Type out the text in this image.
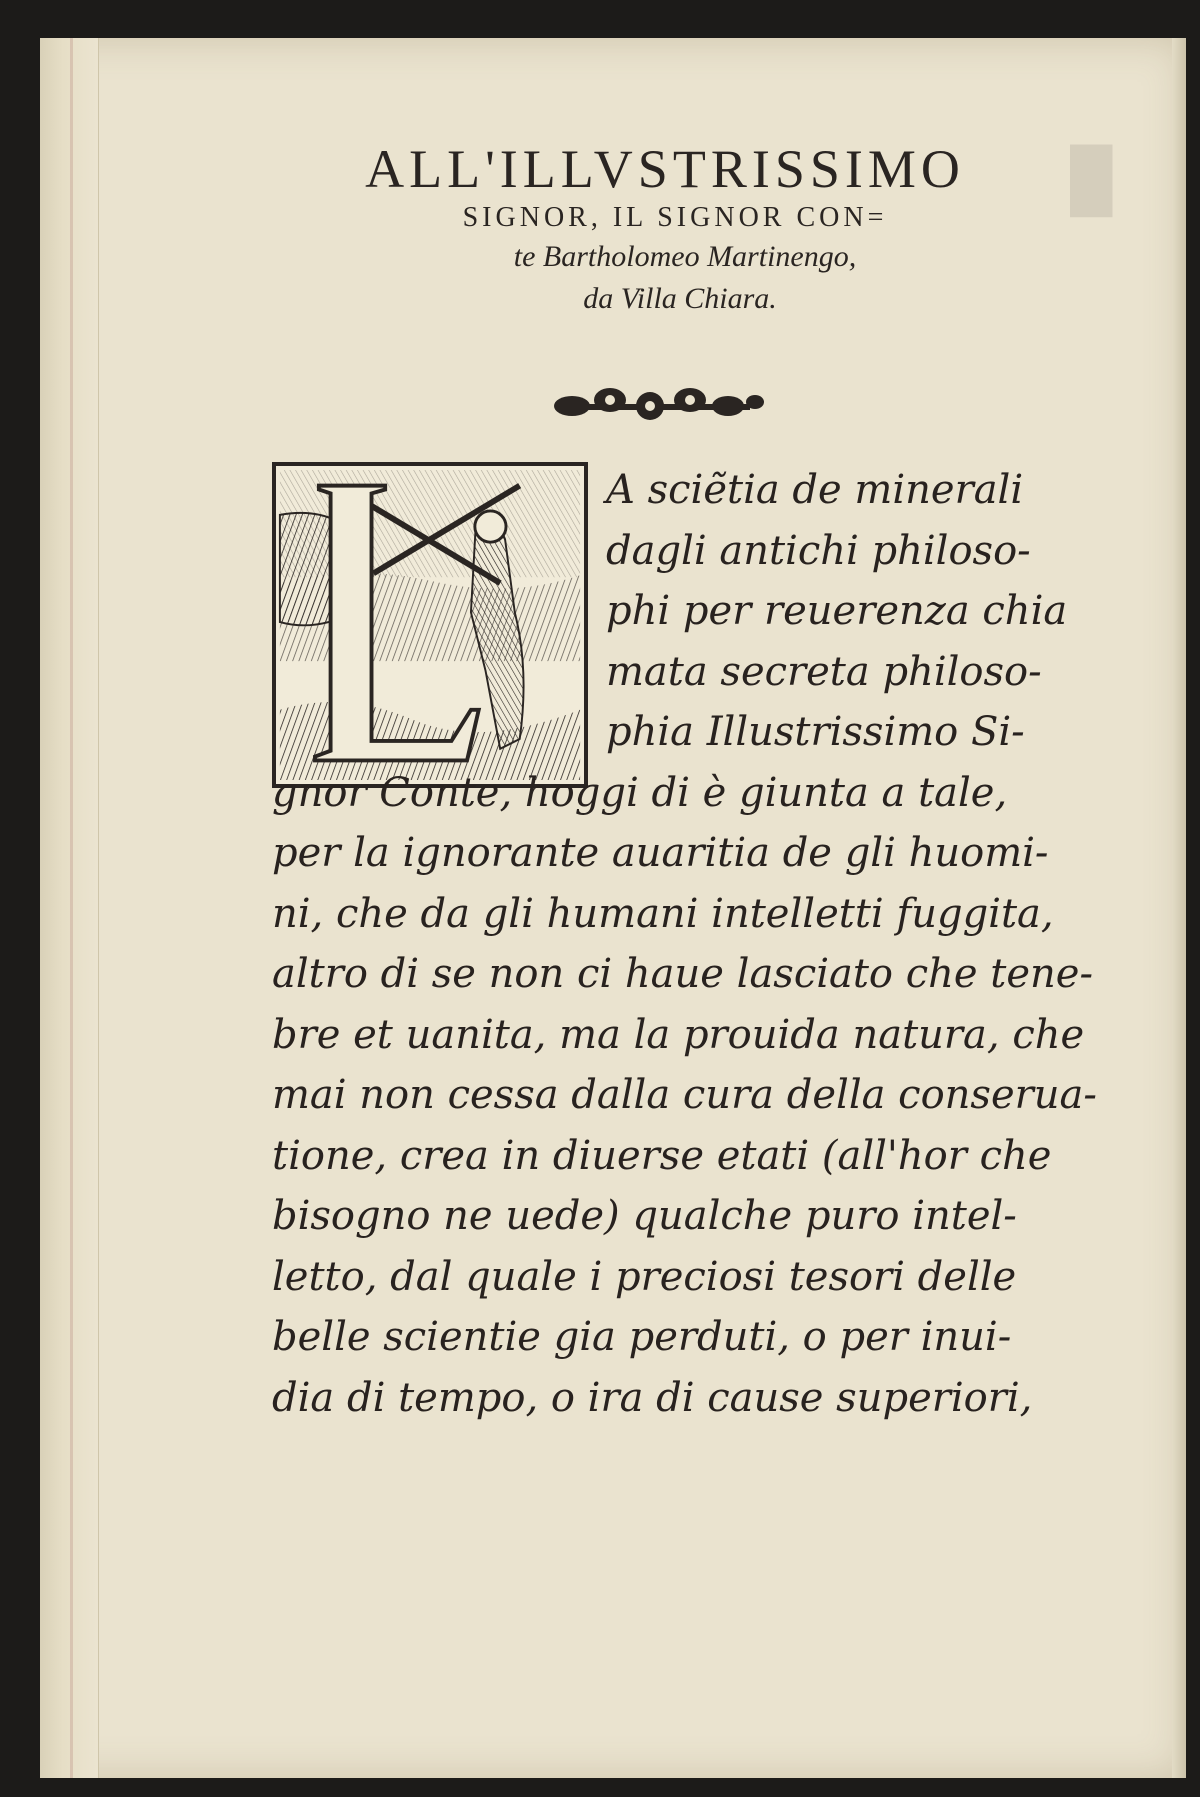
█
ALL'ILLVSTRISSIMO
SIGNOR, IL SIGNOR CON=
te Bartholomeo Martinengo,
da Villa Chiara.
A sciẽtia de minerali
dagli antichi philoso-
phi per reuerenza chia
mata secreta philoso-
phia Illustrissimo Si-
gnor Conte, hoggi di è giunta a tale,
per la ignorante auaritia de gli huomi-
ni, che da gli humani intelletti fuggita,
altro di se non ci haue lasciato che tene-
bre et uanita, ma la prouida natura, che
mai non cessa dalla cura della conserua-
tione, crea in diuerse etati (all'hor che
bisogno ne uede) qualche puro intel-
letto, dal quale i preciosi tesori delle
belle scientie gia perduti, o per inui-
dia di tempo, o ira di cause superiori,
